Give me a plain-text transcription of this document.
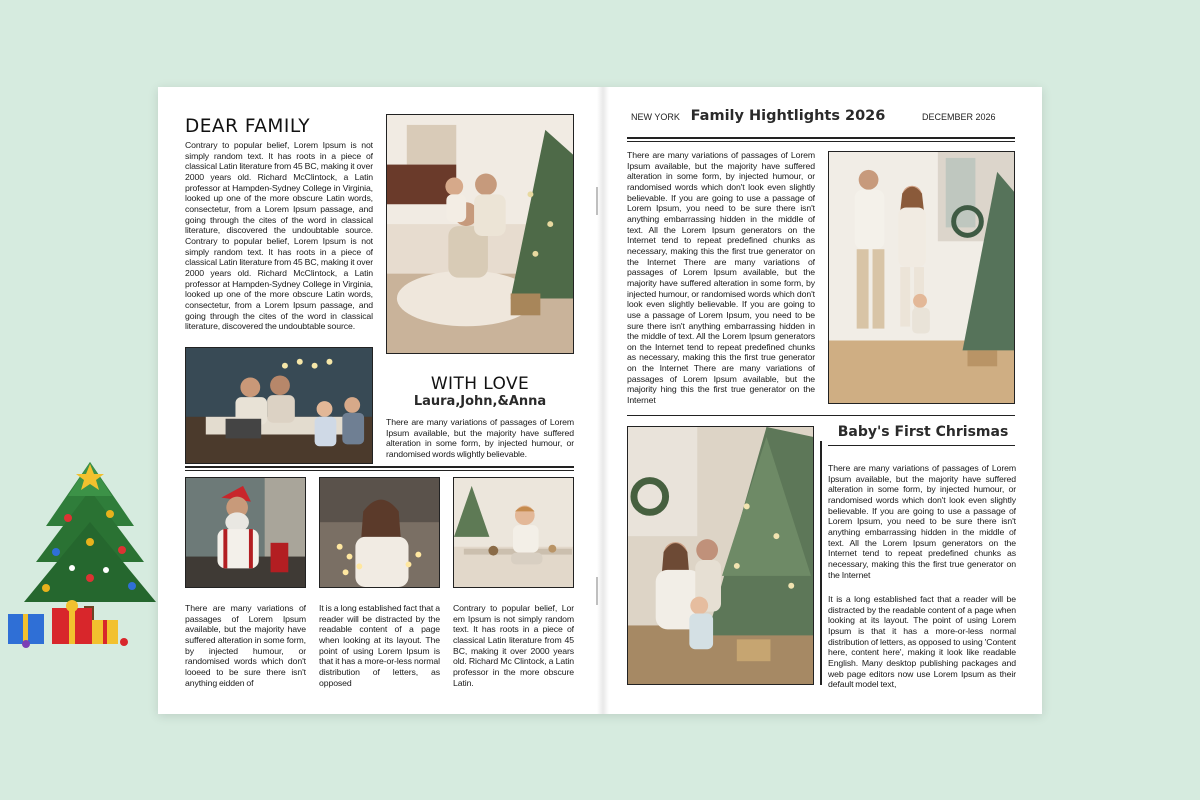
DEAR FAMILY

Contrary to popular belief, Lorem Ipsum is not simply random text. It has roots in a piece of classical Latin literature from 45 BC, making it over 2000 years old. Richard McClintock, a Latin professor at Hampden-Sydney College in Virginia, looked up one of the more obscure Latin words, consectetur, from a Lorem Ipsum passage, and going through the cites of the word in classical literature, discovered the undoubtable source. Contrary to popular belief, Lorem Ipsum is not simply random text. It has roots in a piece of classical Latin literature from 45 BC, making it over 2000 years old. Richard McClintock, a Latin professor at Hampden-Sydney College in Virginia, looked up one of the more obscure Latin words, consectetur, from a Lorem Ipsum passage, and going through the cites of the word in classical literature, discovered the undoubtable source.

WITH LOVE
Laura,John,&Anna

There are many variations of passages of Lorem Ipsum available, but the majority have suffered alteration in some form, by injected humour, or randomised words wlightly believable.

There are many variations of passages of Lorem Ipsum available, but the majority have suffered alteration in some form, by injected humour, or randomised words which don't looeed to be sure there isn't anything eidden of

It is a long established fact that a reader will be distracted by the readable content of a page when looking at its layout. The point of using Lorem Ipsum is that it has a more-or-less normal distribution of letters, as opposed

Contrary to popular belief, Lor em Ipsum is not simply random text. It has roots in a piece of classical Latin literature from 45 BC, making it over 2000 years old. Richard Mc Clintock, a Latin professor in the more obscure Latin.

NEW YORK Family Hightlights 2026	DECEMBER 2026

There are many variations of passages of Lorem Ipsum available, but the majority have suffered alteration in some form, by injected humour, or randomised words which don't look even slightly believable. If you are going to use a passage of Lorem Ipsum, you need to be sure there isn't anything embarrassing hidden in the middle of text. All the Lorem Ipsum generators on the Internet tend to repeat predefined chunks as necessary, making this the first true generator on the Internet There are many variations of passages of Lorem Ipsum available, but the majority have suffered alteration in some form, by injected humour, or randomised words which don't look even slightly believable. If you are going to use a passage of Lorem Ipsum, you need to be sure there isn't anything embarrassing hidden in the middle of text. All the Lorem Ipsum generators on the Internet tend to repeat predefined chunks as necessary, making this the first true generator on the Internet There are many variations of passages of Lorem Ipsum available, but the majority hing this the first true generator on the Internet

Baby's First Chrismas

There are many variations of passages of Lorem Ipsum available, but the majority have suffered alteration in some form, by injected humour, or randomised words which don't look even slightly believable. If you are going to use a passage of Lorem Ipsum, you need to be sure there isn't anything embarrassing hidden in the middle of text. All the Lorem Ipsum generators on the Internet tend to repeat predefined chunks as necessary, making this the first true generator on the Internet

It is a long established fact that a reader will be distracted by the readable content of a page when looking at its layout. The point of using Lorem Ipsum is that it has a more-or-less normal distribution of letters, as opposed to using 'Content here, content here', making it look like readable English. Many desktop publishing packages and web page editors now use Lorem Ipsum as their default model text,
